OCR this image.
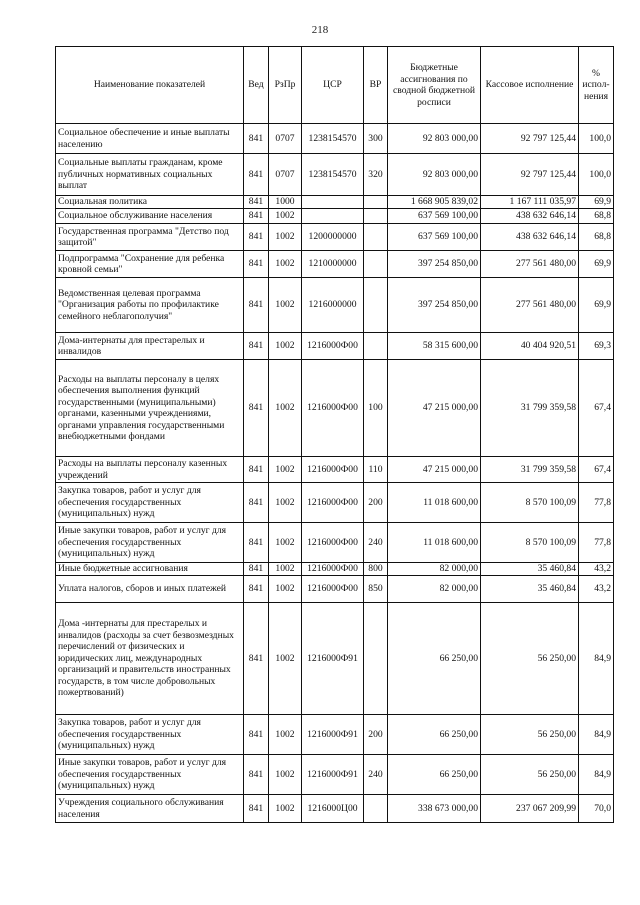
218
Наименование показателей	Вед	РзПр	ЦСР	ВР	Бюджетные ассигнования по сводной бюджетной росписи	Кассовое исполнение	% испол-нения
Социальное обеспечение и иные выплаты населению	841	0707	1238154570	300	92 803 000,00	92 797 125,44	100,0
Социальные выплаты гражданам, кроме публичных нормативных социальных выплат	841	0707	1238154570	320	92 803 000,00	92 797 125,44	100,0
Социальная политика	841	1000			1 668 905 839,02	1 167 111 035,97	69,9
Социальное обслуживание населения	841	1002			637 569 100,00	438 632 646,14	68,8
Государственная программа "Детство под защитой"	841	1002	1200000000		637 569 100,00	438 632 646,14	68,8
Подпрограмма "Сохранение для ребенка кровной семьи"	841	1002	1210000000		397 254 850,00	277 561 480,00	69,9
Ведомственная целевая программа "Организация работы по профилактике семейного неблагополучия"	841	1002	1216000000		397 254 850,00	277 561 480,00	69,9
Дома-интернаты для престарелых и инвалидов	841	1002	1216000Ф00		58 315 600,00	40 404 920,51	69,3
Расходы на выплаты персоналу в целях обеспечения выполнения функций государственными (муниципальными) органами, казенными учреждениями, органами управления государственными внебюджетными фондами	841	1002	1216000Ф00	100	47 215 000,00	31 799 359,58	67,4
Расходы на выплаты персоналу казенных учреждений	841	1002	1216000Ф00	110	47 215 000,00	31 799 359,58	67,4
Закупка товаров, работ и услуг для обеспечения государственных (муниципальных) нужд	841	1002	1216000Ф00	200	11 018 600,00	8 570 100,09	77,8
Иные закупки товаров, работ и услуг для обеспечения государственных (муниципальных) нужд	841	1002	1216000Ф00	240	11 018 600,00	8 570 100,09	77,8
Иные бюджетные ассигнования	841	1002	1216000Ф00	800	82 000,00	35 460,84	43,2
Уплата налогов, сборов и иных платежей	841	1002	1216000Ф00	850	82 000,00	35 460,84	43,2
Дома -интернаты для престарелых и инвалидов (расходы за счет безвозмездных перечислений от физических и юридических лиц, международных организаций и правительств иностранных государств, в том числе добровольных пожертвований)	841	1002	1216000Ф91		66 250,00	56 250,00	84,9
Закупка товаров, работ и услуг для обеспечения государственных (муниципальных) нужд	841	1002	1216000Ф91	200	66 250,00	56 250,00	84,9
Иные закупки товаров, работ и услуг для обеспечения государственных (муниципальных) нужд	841	1002	1216000Ф91	240	66 250,00	56 250,00	84,9
Учреждения социального обслуживания населения	841	1002	1216000Ц00		338 673 000,00	237 067 209,99	70,0
